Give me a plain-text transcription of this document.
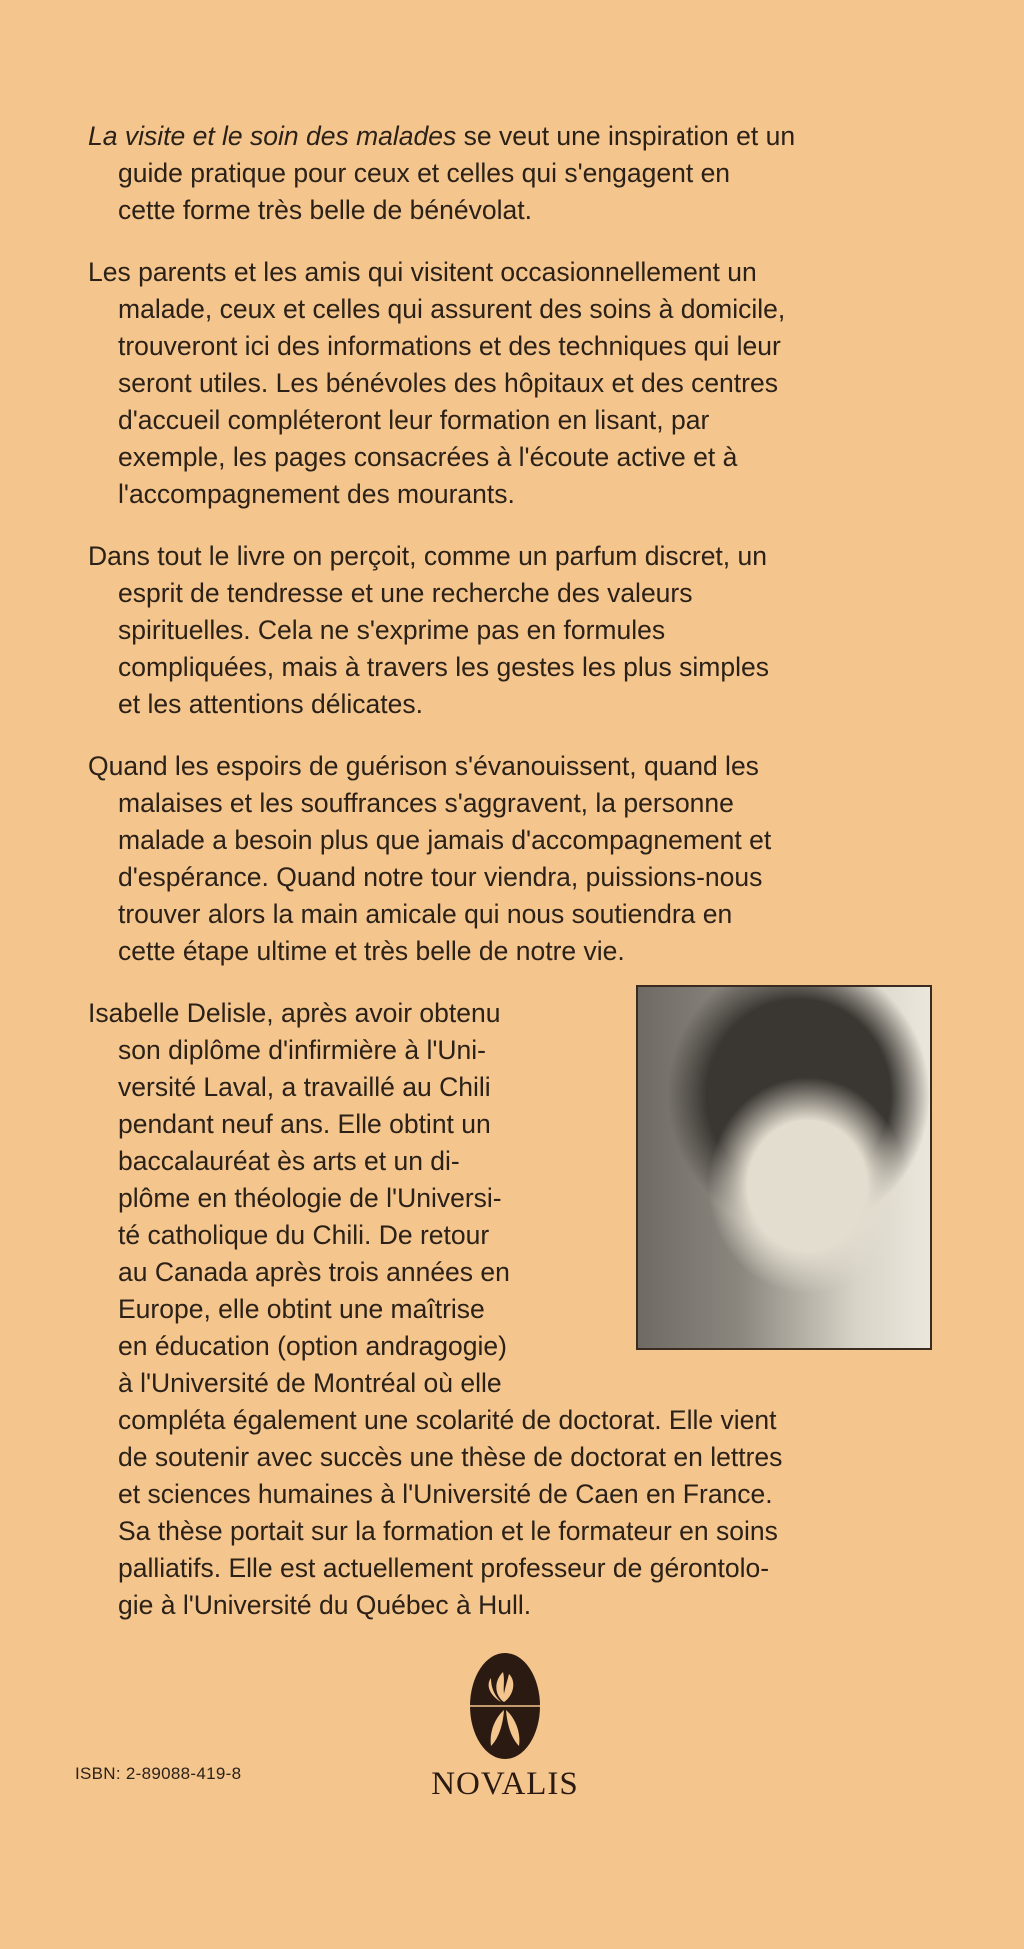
La visite et le soin des malades se veut une inspiration et un
guide pratique pour ceux et celles qui s'engagent en
cette forme très belle de bénévolat.
Les parents et les amis qui visitent occasionnellement un
malade, ceux et celles qui assurent des soins à domicile,
trouveront ici des informations et des techniques qui leur
seront utiles. Les bénévoles des hôpitaux et des centres
d'accueil compléteront leur formation en lisant, par
exemple, les pages consacrées à l'écoute active et à
l'accompagnement des mourants.
Dans tout le livre on perçoit, comme un parfum discret, un
esprit de tendresse et une recherche des valeurs
spirituelles. Cela ne s'exprime pas en formules
compliquées, mais à travers les gestes les plus simples
et les attentions délicates.
Quand les espoirs de guérison s'évanouissent, quand les
malaises et les souffrances s'aggravent, la personne
malade a besoin plus que jamais d'accompagnement et
d'espérance. Quand notre tour viendra, puissions-nous
trouver alors la main amicale qui nous soutiendra en
cette étape ultime et très belle de notre vie.
Isabelle Delisle, après avoir obtenu
son diplôme d'infirmière à l'Uni-
versité Laval, a travaillé au Chili
pendant neuf ans. Elle obtint un
baccalauréat ès arts et un di-
plôme en théologie de l'Universi-
té catholique du Chili. De retour
au Canada après trois années en
Europe, elle obtint une maîtrise
en éducation (option andragogie)
à l'Université de Montréal où elle
compléta également une scolarité de doctorat. Elle vient
de soutenir avec succès une thèse de doctorat en lettres
et sciences humaines à l'Université de Caen en France.
Sa thèse portait sur la formation et le formateur en soins
palliatifs. Elle est actuellement professeur de gérontolo-
gie à l'Université du Québec à Hull.
ISBN: 2-89088-419-8	NOVALIS
